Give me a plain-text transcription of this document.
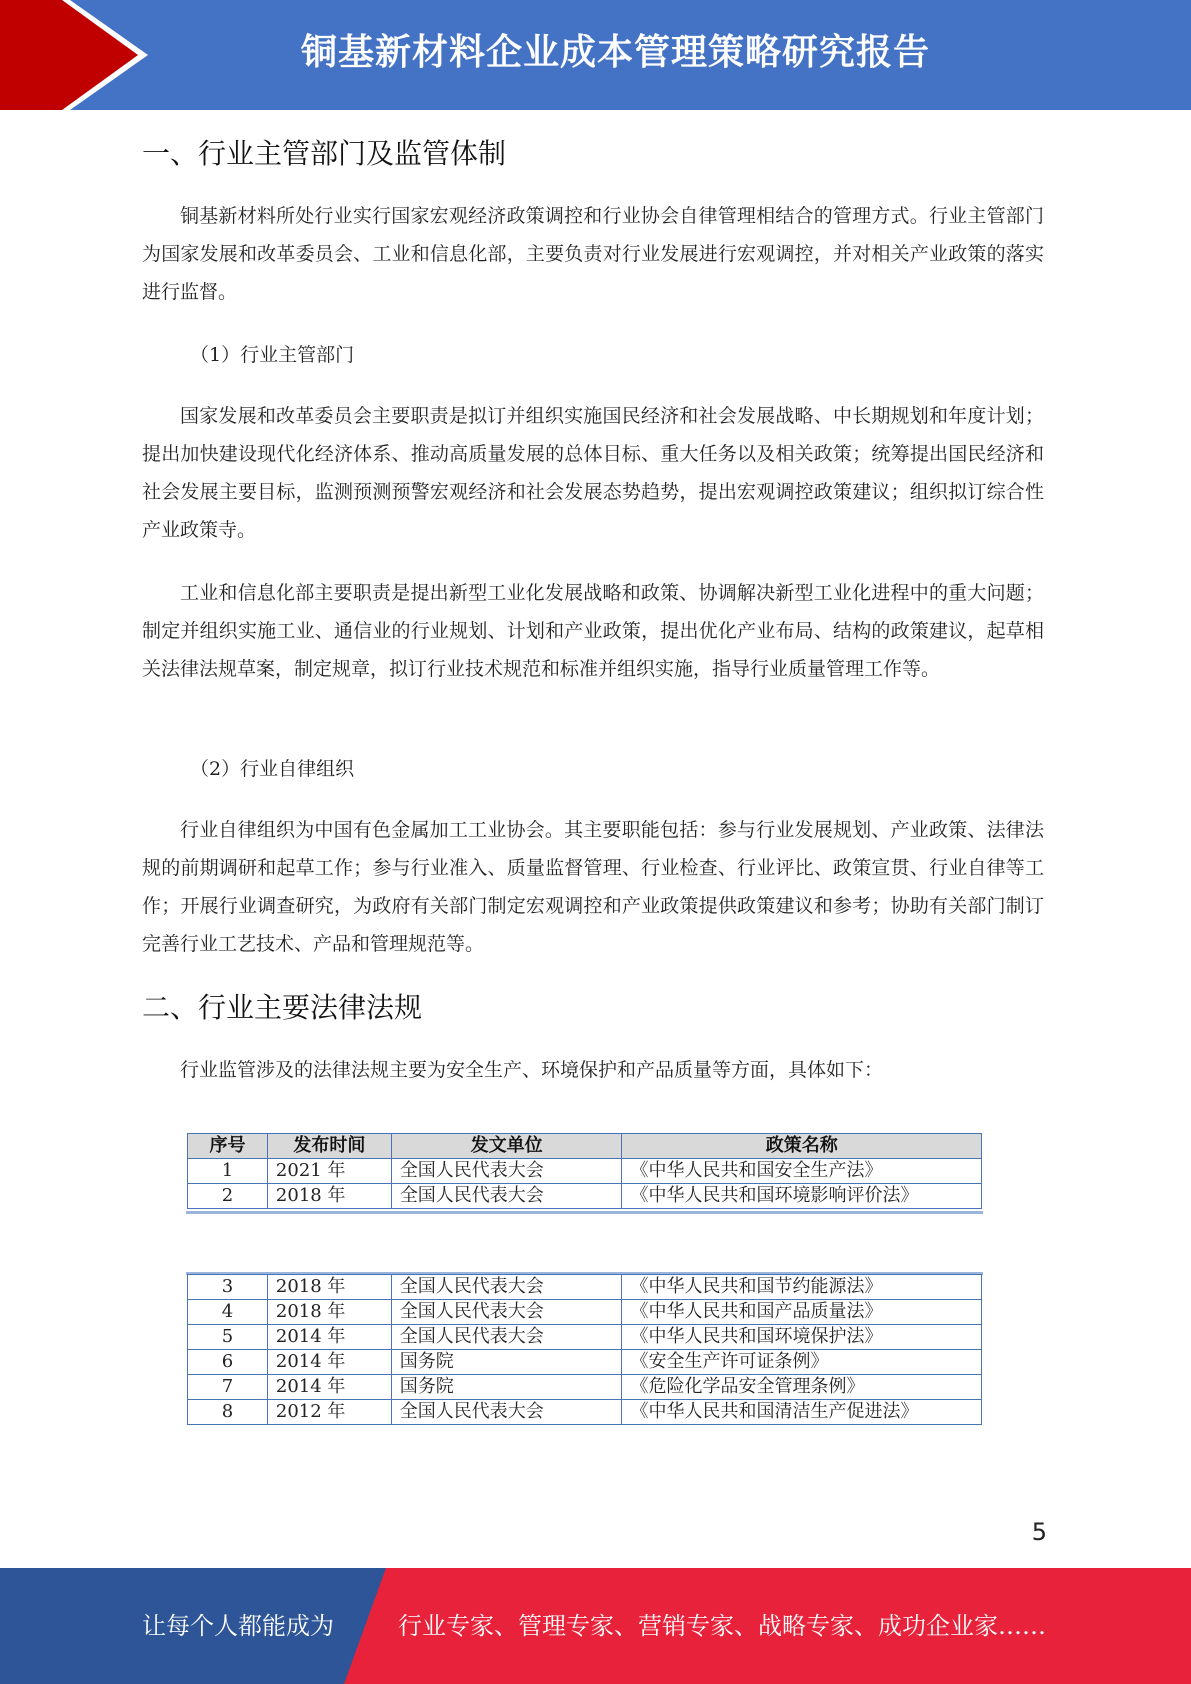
铜基新材料企业成本管理策略研究报告
一、行业主管部门及监管体制
铜基新材料所处行业实行国家宏观经济政策调控和行业协会自律管理相结合的管理方式。行业主管部门为国家发展和改革委员会、工业和信息化部，主要负责对行业发展进行宏观调控，并对相关产业政策的落实进行监督。
（1）行业主管部门
国家发展和改革委员会主要职责是拟订并组织实施国民经济和社会发展战略、中长期规划和年度计划；提出加快建设现代化经济体系、推动高质量发展的总体目标、重大任务以及相关政策；统筹提出国民经济和社会发展主要目标，监测预测预警宏观经济和社会发展态势趋势，提出宏观调控政策建议；组织拟订综合性产业政策寺。
工业和信息化部主要职责是提出新型工业化发展战略和政策、协调解决新型工业化进程中的重大问题；制定并组织实施工业、通信业的行业规划、计划和产业政策，提出优化产业布局、结构的政策建议，起草相关法律法规草案，制定规章，拟订行业技术规范和标准并组织实施，指导行业质量管理工作等。
（2）行业自律组织
行业自律组织为中国有色金属加工工业协会。其主要职能包括：参与行业发展规划、产业政策、法律法规的前期调研和起草工作；参与行业准入、质量监督管理、行业检查、行业评比、政策宣贯、行业自律等工作；开展行业调查研究，为政府有关部门制定宏观调控和产业政策提供政策建议和参考；协助有关部门制订完善行业工艺技术、产品和管理规范等。
二、行业主要法律法规
行业监管涉及的法律法规主要为安全生产、环境保护和产品质量等方面，具体如下：
序号	发布时间	发文单位	政策名称
1	2021 年	全国人民代表大会	《中华人民共和国安全生产法》
2	2018 年	全国人民代表大会	《中华人民共和国环境影响评价法》
3	2018 年	全国人民代表大会	《中华人民共和国节约能源法》
4	2018 年	全国人民代表大会	《中华人民共和国产品质量法》
5	2014 年	全国人民代表大会	《中华人民共和国环境保护法》
6	2014 年	国务院	《安全生产许可证条例》
7	2014 年	国务院	《危险化学品安全管理条例》
8	2012 年	全国人民代表大会	《中华人民共和国清洁生产促进法》
5
让每个人都能成为	行业专家、管理专家、营销专家、战略专家、成功企业家……
